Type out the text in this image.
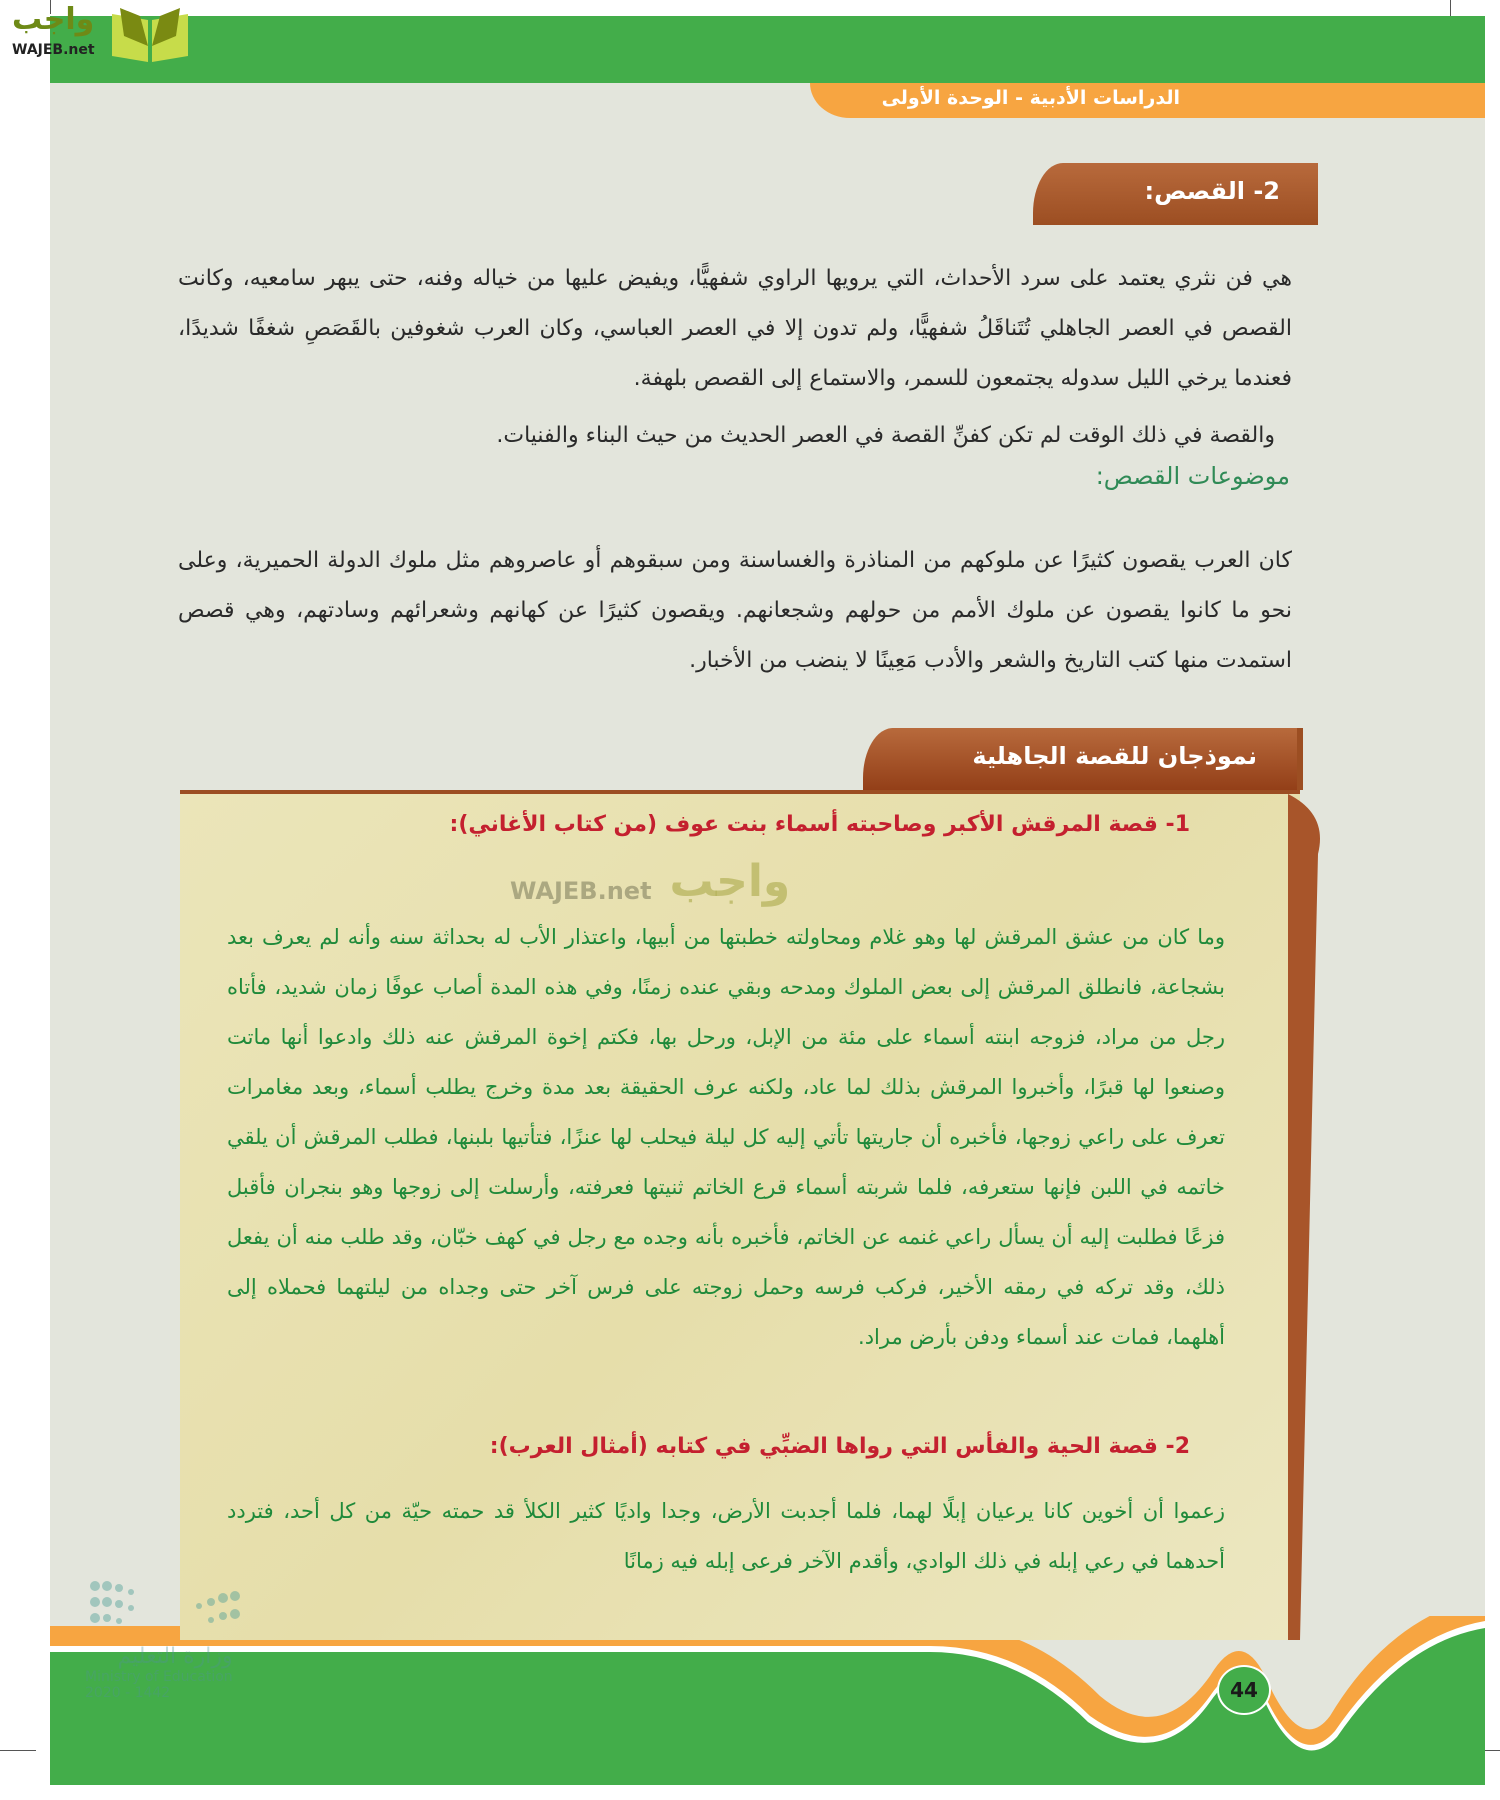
الدراسات الأدبية - الوحدة الأولى
2- القصص:
هي فن نثري يعتمد على سرد الأحداث، التي يرويها الراوي شفهيًّا، ويفيض عليها من خياله وفنه، حتى يبهر سامعيه، وكانت القصص في العصر الجاهلي تُتَناقَلُ شفهيًّا، ولم تدون إلا في العصر العباسي، وكان العرب شغوفين بالقَصَصِ شغفًا شديدًا، فعندما يرخي الليل سدوله يجتمعون للسمر، والاستماع إلى القصص بلهفة.
والقصة في ذلك الوقت لم تكن كفنِّ القصة في العصر الحديث من حيث البناء والفنيات.
موضوعات القصص:
كان العرب يقصون كثيرًا عن ملوكهم من المناذرة والغساسنة ومن سبقوهم أو عاصروهم مثل ملوك الدولة الحميرية، وعلى نحو ما كانوا يقصون عن ملوك الأمم من حولهم وشجعانهم. ويقصون كثيرًا عن كهانهم وشعرائهم وسادتهم، وهي قصص استمدت منها كتب التاريخ والشعر والأدب مَعِينًا لا ينضب من الأخبار.
نموذجان للقصة الجاهلية
1- قصة المرقش الأكبر وصاحبته أسماء بنت عوف (من كتاب الأغاني):
WAJEB.net واجب
وما كان من عشق المرقش لها وهو غلام ومحاولته خطبتها من أبيها، واعتذار الأب له بحداثة سنه وأنه لم يعرف بعد بشجاعة، فانطلق المرقش إلى بعض الملوك ومدحه وبقي عنده زمنًا، وفي هذه المدة أصاب عوفًا زمان شديد، فأتاه رجل من مراد، فزوجه ابنته أسماء على مئة من الإبل، ورحل بها، فكتم إخوة المرقش عنه ذلك وادعوا أنها ماتت وصنعوا لها قبرًا، وأخبروا المرقش بذلك لما عاد، ولكنه عرف الحقيقة بعد مدة وخرج يطلب أسماء، وبعد مغامرات تعرف على راعي زوجها، فأخبره أن جاريتها تأتي إليه كل ليلة فيحلب لها عنزًا، فتأتيها بلبنها، فطلب المرقش أن يلقي خاتمه في اللبن فإنها ستعرفه، فلما شربته أسماء قرع الخاتم ثنيتها فعرفته، وأرسلت إلى زوجها وهو بنجران فأقبل فزعًا فطلبت إليه أن يسأل راعي غنمه عن الخاتم، فأخبره بأنه وجده مع رجل في كهف خبّان، وقد طلب منه أن يفعل ذلك، وقد تركه في رمقه الأخير، فركب فرسه وحمل زوجته على فرس آخر حتى وجداه من ليلتهما فحملاه إلى أهلهما، فمات عند أسماء ودفن بأرض مراد.
2- قصة الحية والفأس التي رواها الضبِّي في كتابه (أمثال العرب):
زعموا أن أخوين كانا يرعيان إبلًا لهما، فلما أجدبت الأرض، وجدا واديًا كثير الكلأ قد حمته حيّة من كل أحد، فتردد أحدهما في رعي إبله في ذلك الوادي، وأقدم الآخر فرعى إبله فيه زمانًا
44
وزارة التعليم
Ministry of Education
2020 - 1442
واجب
WAJEB.net
